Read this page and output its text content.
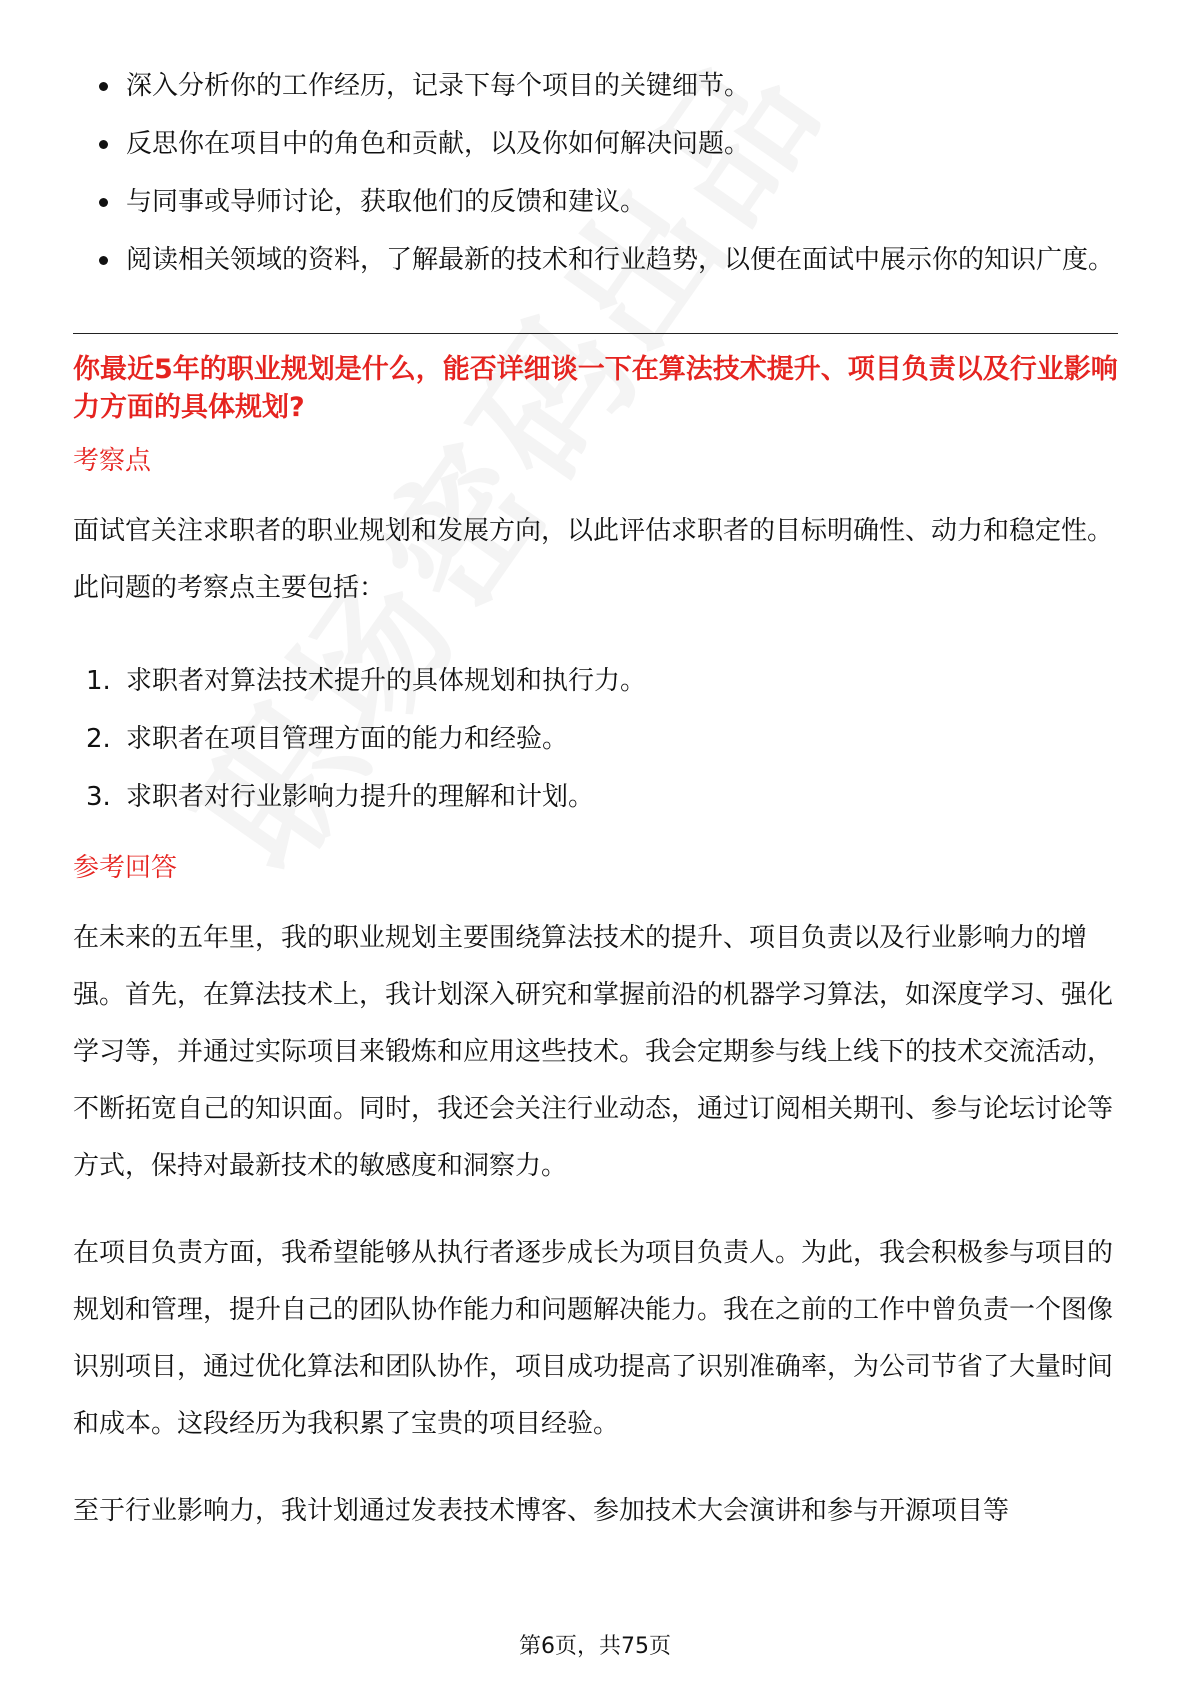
深入分析你的工作经历，记录下每个项目的关键细节。
反思你在项目中的角色和贡献，以及你如何解决问题。
与同事或导师讨论，获取他们的反馈和建议。
阅读相关领域的资料，了解最新的技术和行业趋势，以便在面试中展示你的知识广度。
你最近5年的职业规划是什么，能否详细谈一下在算法技术提升、项目负责以及行业影响力方面的具体规划?
考察点

面试官关注求职者的职业规划和发展方向，以此评估求职者的目标明确性、动力和稳定性。此问题的考察点主要包括：

1. 求职者对算法技术提升的具体规划和执行力。
2. 求职者在项目管理方面的能力和经验。
3. 求职者对行业影响力提升的理解和计划。
参考回答

在未来的五年里，我的职业规划主要围绕算法技术的提升、项目负责以及行业影响力的增强。首先，在算法技术上，我计划深入研究和掌握前沿的机器学习算法，如深度学习、强化学习等，并通过实际项目来锻炼和应用这些技术。我会定期参与线上线下的技术交流活动，不断拓宽自己的知识面。同时，我还会关注行业动态，通过订阅相关期刊、参与论坛讨论等方式，保持对最新技术的敏感度和洞察力。

在项目负责方面，我希望能够从执行者逐步成长为项目负责人。为此，我会积极参与项目的规划和管理，提升自己的团队协作能力和问题解决能力。我在之前的工作中曾负责一个图像识别项目，通过优化算法和团队协作，项目成功提高了识别准确率，为公司节省了大量时间和成本。这段经历为我积累了宝贵的项目经验。

至于行业影响力，我计划通过发表技术博客、参加技术大会演讲和参与开源项目等

第6页，共75页
